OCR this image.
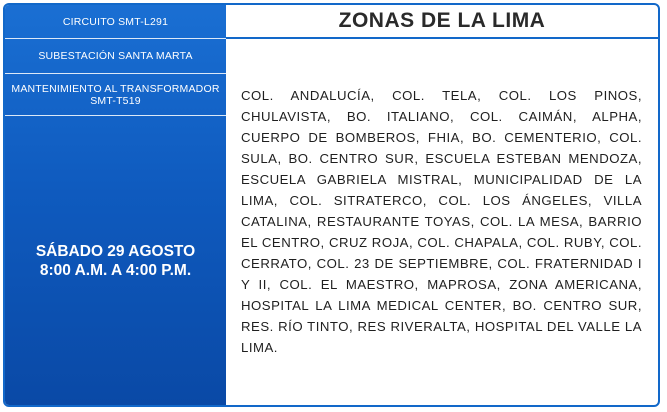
CIRCUITO SMT-L291
SUBESTACIÓN SANTA MARTA
MANTENIMIENTO AL TRANSFORMADOR SMT-T519
SÁBADO 29 AGOSTO
8:00 A.M. A 4:00 P.M.
ZONAS DE LA LIMA
COL. ANDALUCÍA, COL. TELA, COL. LOS PINOS, CHULAVISTA, BO. ITALIANO, COL. CAIMÁN, ALPHA, CUERPO DE BOMBEROS, FHIA, BO. CEMENTERIO, COL. SULA, BO. CENTRO SUR, ESCUELA ESTEBAN MENDOZA, ESCUELA GABRIELA MISTRAL, MUNICIPALIDAD DE LA LIMA, COL. SITRATERCO, COL. LOS ÁNGELES, VILLA CATALINA, RESTAURANTE TOYAS, COL. LA MESA, BARRIO EL CENTRO, CRUZ ROJA, COL. CHAPALA, COL. RUBY, COL. CERRATO, COL. 23 DE SEPTIEMBRE, COL. FRATERNIDAD I Y II, COL. EL MAESTRO, MAPROSA, ZONA AMERICANA, HOSPITAL LA LIMA MEDICAL CENTER, BO. CENTRO SUR, RES. RÍO TINTO, RES RIVERALTA, HOSPITAL DEL VALLE LA LIMA.
